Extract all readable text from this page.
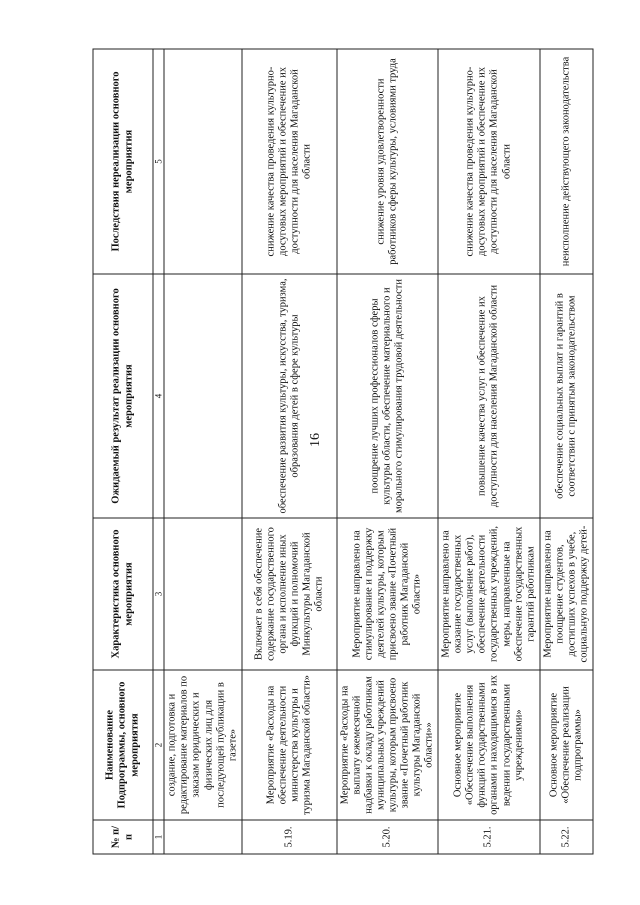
16
№ п/п	Наименование Подпрограммы, основного мероприятия	Характеристика основного мероприятия	Ожидаемый результат реализации основного мероприятия	Последствия нереализации основного мероприятия
1	2	3	4	5
	создание, подготовка и редактирование материалов по заказам юридических и физических лиц для последующей публикации в газете»			
5.19.	Мероприятие «Расходы на обеспечение деятельности министерства культуры и туризма Магаданской области»	Включает в себя обеспечение содержание государственного органа и исполнение иных функций и полномочий Минкультуры Магаданской области	обеспечение развития культуры, искусства, туризма, образования детей в сфере культуры	снижение качества проведения культурно-досуговых мероприятий и обеспечение их доступности для населения Магаданской области
5.20.	Мероприятие «Расходы на выплату ежемесячной надбавки к окладу работникам муниципальных учреждений культуры, которым присвоено звание «Почетный работник культуры Магаданской области»»	Мероприятие направлено на стимулирование и поддержку деятелей культуры, которым присвоено звание «Почетный работник Магаданской области»	поощрение лучших профессионалов сферы культуры области, обеспечение материального и морального стимулирования трудовой деятельности	снижение уровня удовлетворенности работников сферы культуры, условиями труда
5.21.	Основное мероприятие «Обеспечение выполнения функций государственными органами и находящимися в их ведении государственными учреждениями»	Мероприятие направлено на оказание государственных услуг (выполнение работ), обеспечение деятельности государственных учреждений, меры, направленные на обеспечение государственных гарантий работникам	повышение качества услуг и обеспечение их доступности для населения Магаданской области	снижение качества проведения культурно-досуговых мероприятий и обеспечение их доступности для населения Магаданской области
5.22.	Основное мероприятие «Обеспечение реализации подпрограммы»	Мероприятие направлено на поощрение студентов, достигших успехов в учебе, социальную поддержку детей-	обеспечение социальных выплат и гарантий в соответствии с принятым законодательством	неисполнение действующего законодательства
